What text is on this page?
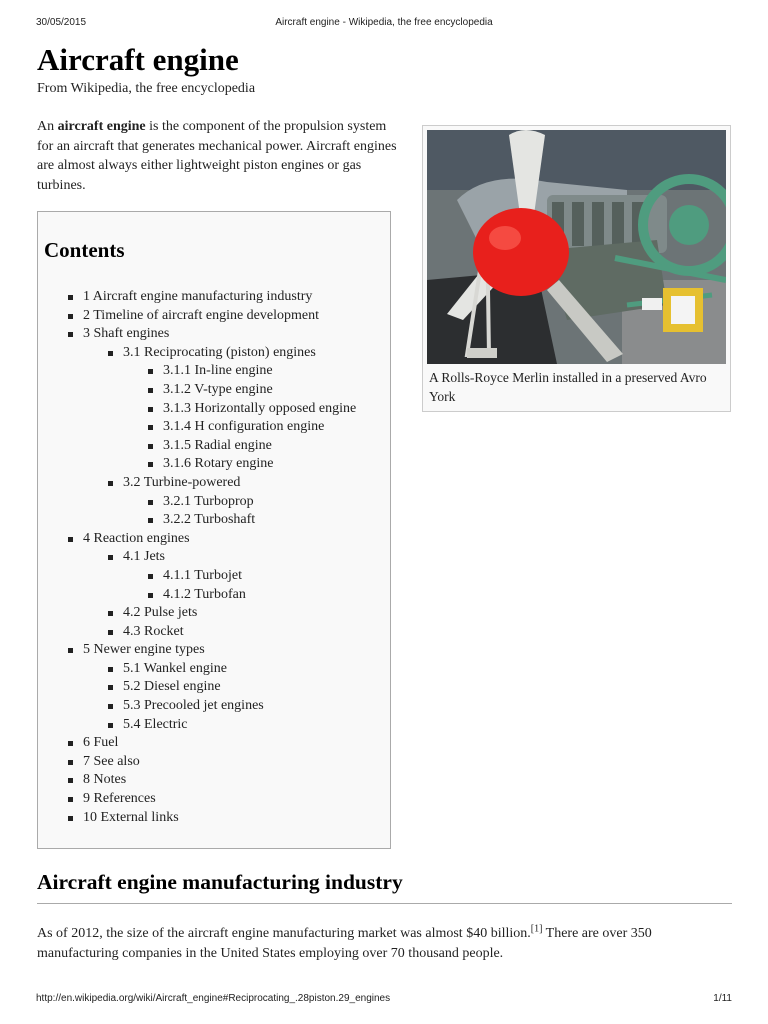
30/05/2015	Aircraft engine - Wikipedia, the free encyclopedia
Aircraft engine
From Wikipedia, the free encyclopedia

An aircraft engine is the component of the propulsion system for an aircraft that generates mechanical power. Aircraft engines are almost always either lightweight piston engines or gas turbines.

A Rolls-Royce Merlin installed in a preserved Avro York
Contents
1 Aircraft engine manufacturing industry
2 Timeline of aircraft engine development
3 Shaft engines
3.1 Reciprocating (piston) engines
3.1.1 In-line engine
3.1.2 V-type engine
3.1.3 Horizontally opposed engine
3.1.4 H configuration engine
3.1.5 Radial engine
3.1.6 Rotary engine
3.2 Turbine-powered
3.2.1 Turboprop
3.2.2 Turboshaft
4 Reaction engines
4.1 Jets
4.1.1 Turbojet
4.1.2 Turbofan
4.2 Pulse jets
4.3 Rocket
5 Newer engine types
5.1 Wankel engine
5.2 Diesel engine
5.3 Precooled jet engines
5.4 Electric
6 Fuel
7 See also
8 Notes
9 References
10 External links
Aircraft engine manufacturing industry

As of 2012, the size of the aircraft engine manufacturing market was almost $40 billion.[1] There are over 350 manufacturing companies in the United States employing over 70 thousand people.

http://en.wikipedia.org/wiki/Aircraft_engine#Reciprocating_.28piston.29_engines	1/11
